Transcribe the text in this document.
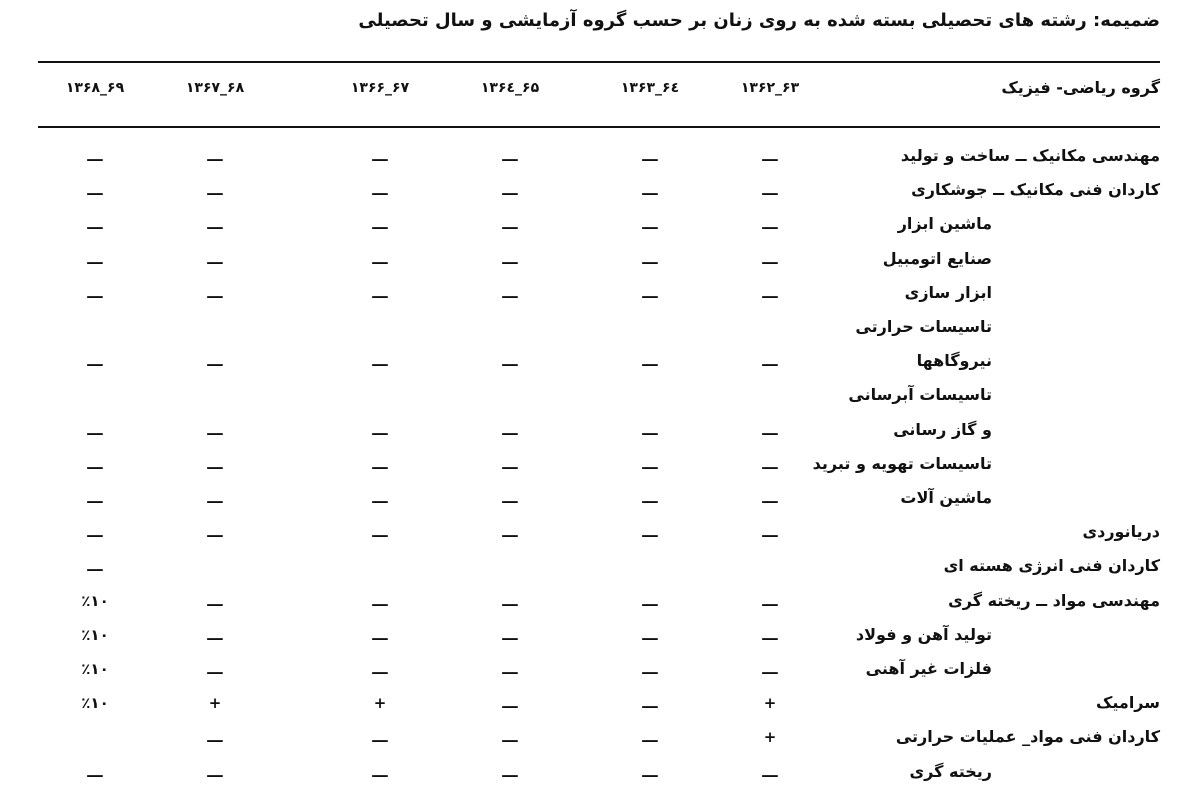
ضمیمه: رشته های تحصیلی بسته شده به روی زنان بر حسب گروه آزمایشی و سال تحصیلی
گروه ریاضی- فیزیک
۱۳۶۲_۶۳
۱۳۶۳_۶٤
۱۳۶٤_۶۵
۱۳۶۶_۶۷
۱۳۶۷_۶۸
۱۳۶۸_۶۹
مهندسی مکانیک ــ ساخت و تولید
ـــ
ـــ
ـــ
ـــ
ـــ
ـــ
کاردان فنی مکانیک ــ جوشکاری
ـــ
ـــ
ـــ
ـــ
ـــ
ـــ
ماشین ابزار
ـــ
ـــ
ـــ
ـــ
ـــ
ـــ
صنایع اتومبیل
ـــ
ـــ
ـــ
ـــ
ـــ
ـــ
ابزار سازی
ـــ
ـــ
ـــ
ـــ
ـــ
ـــ
تاسیسات حرارتی
نیروگاهها
ـــ
ـــ
ـــ
ـــ
ـــ
ـــ
تاسیسات آبرسانی
و گاز رسانی
ـــ
ـــ
ـــ
ـــ
ـــ
ـــ
تاسیسات تهویه و تبرید
ـــ
ـــ
ـــ
ـــ
ـــ
ـــ
ماشین آلات
ـــ
ـــ
ـــ
ـــ
ـــ
ـــ
دریانوردی
ـــ
ـــ
ـــ
ـــ
ـــ
ـــ
کاردان فنی انرژی هسته ای
ـــ
مهندسی مواد ــ ریخته گری
ـــ
ـــ
ـــ
ـــ
ـــ
٪۱۰
تولید آهن و فولاد
ـــ
ـــ
ـــ
ـــ
ـــ
٪۱۰
فلزات غیر آهنی
ـــ
ـــ
ـــ
ـــ
ـــ
٪۱۰
سرامیک
+
ـــ
ـــ
+
+
٪۱۰
کاردان فنی مواد_ عملیات حرارتی
+
ـــ
ـــ
ـــ
ـــ
ریخته گری
ـــ
ـــ
ـــ
ـــ
ـــ
ـــ
